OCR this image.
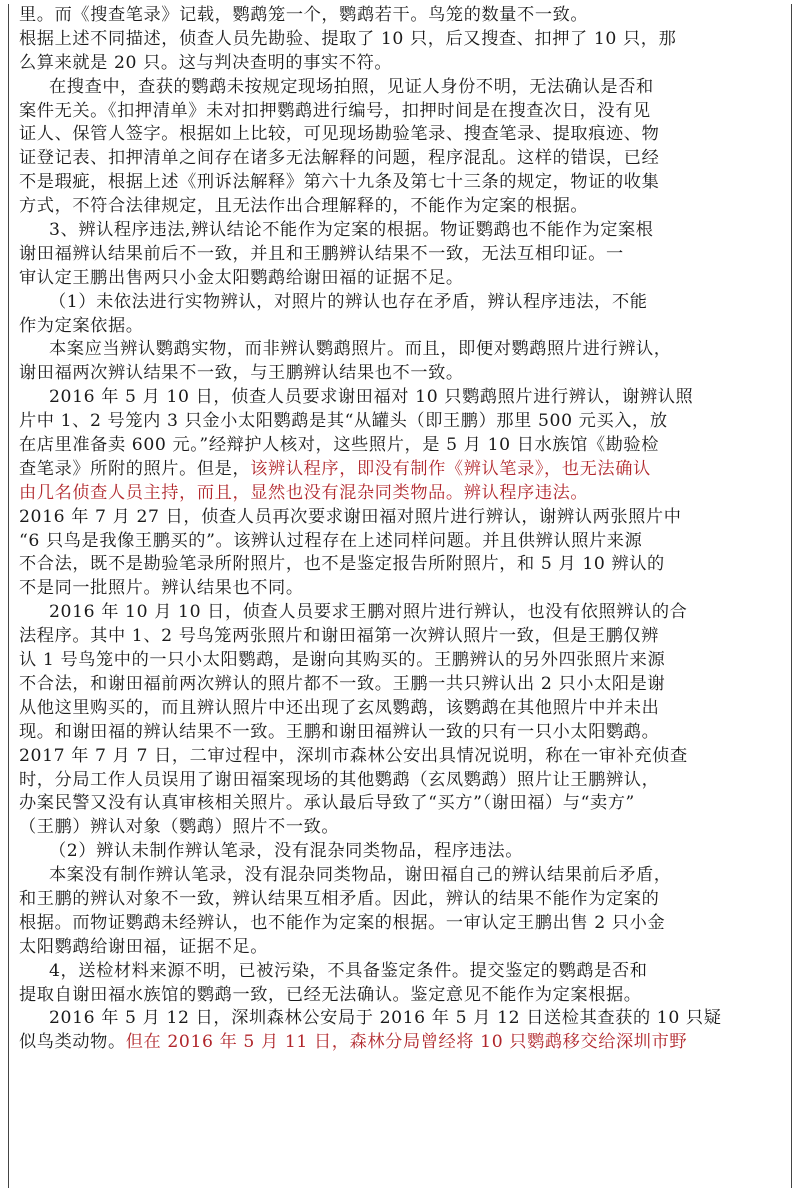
里。而《搜查笔录》记载，鹦鹉笼一个，鹦鹉若干。鸟笼的数量不一致。
根据上述不同描述，侦查人员先勘验、提取了 10 只，后又搜查、扣押了 10 只，那
么算来就是 20 只。这与判决查明的事实不符。
在搜查中，查获的鹦鹉未按规定现场拍照，见证人身份不明，无法确认是否和
案件无关。《扣押清单》未对扣押鹦鹉进行编号，扣押时间是在搜查次日，没有见
证人、保管人签字。根据如上比较，可见现场勘验笔录、搜查笔录、提取痕迹、物
证登记表、扣押清单之间存在诸多无法解释的问题，程序混乱。这样的错误，已经
不是瑕疵，根据上述《刑诉法解释》第六十九条及第七十三条的规定，物证的收集
方式，不符合法律规定，且无法作出合理解释的，不能作为定案的根据。
3、辨认程序违法,辨认结论不能作为定案的根据。物证鹦鹉也不能作为定案根
谢田福辨认结果前后不一致，并且和王鹏辨认结果不一致，无法互相印证。一
审认定王鹏出售两只小金太阳鹦鹉给谢田福的证据不足。
（1）未依法进行实物辨认，对照片的辨认也存在矛盾，辨认程序违法，不能
作为定案依据。
本案应当辨认鹦鹉实物，而非辨认鹦鹉照片。而且，即便对鹦鹉照片进行辨认，
谢田福两次辨认结果不一致，与王鹏辨认结果也不一致。
2016 年 5 月 10 日，侦查人员要求谢田福对 10 只鹦鹉照片进行辨认，谢辨认照
片中 1、2 号笼内 3 只金小太阳鹦鹉是其“从罐头（即王鹏）那里 500 元买入，放
在店里准备卖 600 元。”经辩护人核对，这些照片，是 5 月 10 日水族馆《勘验检
查笔录》所附的照片。但是，该辨认程序，即没有制作《辨认笔录》，也无法确认
由几名侦查人员主持，而且，显然也没有混杂同类物品。辨认程序违法。
2016 年 7 月 27 日，侦查人员再次要求谢田福对照片进行辨认，谢辨认两张照片中
“6 只鸟是我像王鹏买的”。该辨认过程存在上述同样问题。并且供辨认照片来源
不合法，既不是勘验笔录所附照片，也不是鉴定报告所附照片，和 5 月 10 辨认的
不是同一批照片。辨认结果也不同。
2016 年 10 月 10 日，侦查人员要求王鹏对照片进行辨认，也没有依照辨认的合
法程序。其中 1、2 号鸟笼两张照片和谢田福第一次辨认照片一致，但是王鹏仅辨
认 1 号鸟笼中的一只小太阳鹦鹉，是谢向其购买的。王鹏辨认的另外四张照片来源
不合法，和谢田福前两次辨认的照片都不一致。王鹏一共只辨认出 2 只小太阳是谢
从他这里购买的，而且辨认照片中还出现了玄凤鹦鹉，该鹦鹉在其他照片中并未出
现。和谢田福的辨认结果不一致。王鹏和谢田福辨认一致的只有一只小太阳鹦鹉。
2017 年 7 月 7 日，二审过程中，深圳市森林公安出具情况说明，称在一审补充侦查
时，分局工作人员误用了谢田福案现场的其他鹦鹉（玄凤鹦鹉）照片让王鹏辨认，
办案民警又没有认真审核相关照片。承认最后导致了“买方”（谢田福）与“卖方”
（王鹏）辨认对象（鹦鹉）照片不一致。
（2）辨认未制作辨认笔录，没有混杂同类物品，程序违法。
本案没有制作辨认笔录，没有混杂同类物品，谢田福自己的辨认结果前后矛盾，
和王鹏的辨认对象不一致，辨认结果互相矛盾。因此，辨认的结果不能作为定案的
根据。而物证鹦鹉未经辨认，也不能作为定案的根据。一审认定王鹏出售 2 只小金
太阳鹦鹉给谢田福，证据不足。
4，送检材料来源不明，已被污染，不具备鉴定条件。提交鉴定的鹦鹉是否和
提取自谢田福水族馆的鹦鹉一致，已经无法确认。鉴定意见不能作为定案根据。
2016 年 5 月 12 日，深圳森林公安局于 2016 年 5 月 12 日送检其查获的 10 只疑
似鸟类动物。但在 2016 年 5 月 11 日，森林分局曾经将 10 只鹦鹉移交给深圳市野
